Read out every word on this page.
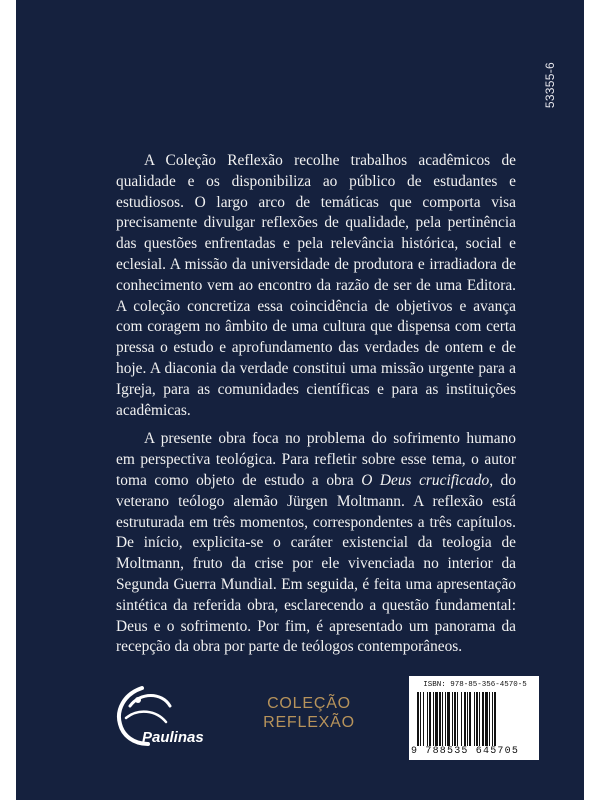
53355-6

A Coleção Reflexão recolhe trabalhos acadêmicos de qualidade e os disponibiliza ao público de estudantes e estudiosos. O largo arco de temáticas que comporta visa precisamente divulgar reflexões de qualidade, pela pertinência das questões enfrentadas e pela relevância histórica, social e eclesial. A missão da universidade de produtora e irradiadora de conhecimento vem ao encontro da razão de ser de uma Editora. A coleção concretiza essa coincidência de objetivos e avança com coragem no âmbito de uma cultura que dispensa com certa pressa o estudo e aprofundamento das verdades de ontem e de hoje. A diaconia da verdade constitui uma missão urgente para a Igreja, para as comunidades científicas e para as instituições acadêmicas.

A presente obra foca no problema do sofrimento humano em perspectiva teológica. Para refletir sobre esse tema, o autor toma como objeto de estudo a obra O Deus crucificado, do veterano teólogo alemão Jürgen Moltmann. A reflexão está estruturada em três momentos, correspondentes a três capítulos. De início, explicita-se o caráter existencial da teologia de Moltmann, fruto da crise por ele vivenciada no interior da Segunda Guerra Mundial. Em seguida, é feita uma apresentação sintética da referida obra, esclarecendo a questão fundamental: Deus e o sofrimento. Por fim, é apresentado um panorama da recepção da obra por parte de teólogos contemporâneos.

Paulinas
COLEÇÃO
REFLEXÃO
ISBN: 978-85-356-4570-5
9 788535 645705
